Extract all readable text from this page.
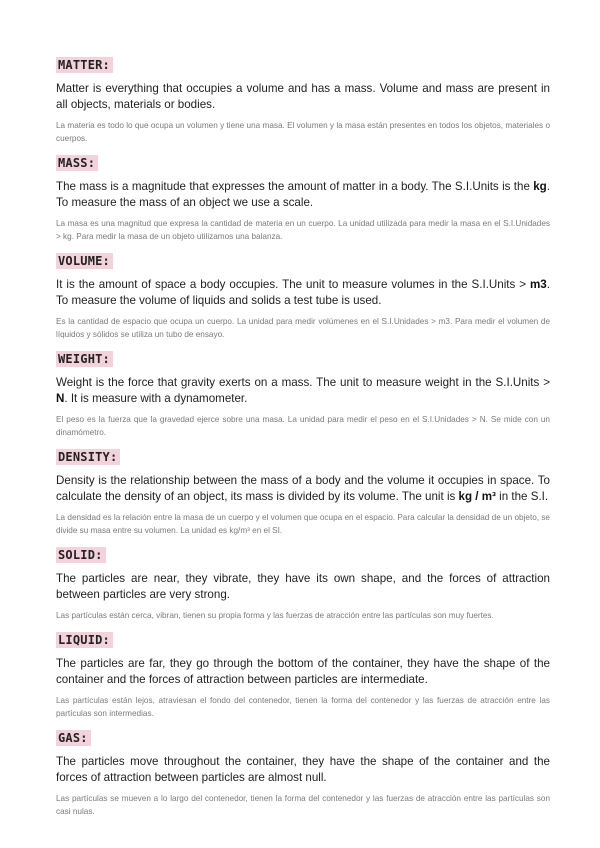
MATTER:

Matter is everything that occupies a volume and has a mass. Volume and mass are present in all objects, materials or bodies.

La materia es todo lo que ocupa un volumen y tiene una masa. El volumen y la masa están presentes en todos los objetos, materiales o cuerpos.

MASS:

The mass is a magnitude that expresses the amount of matter in a body. The S.I.Units is the kg. To measure the mass of an object we use a scale.

La masa es una magnitud que expresa la cantidad de materia en un cuerpo. La unidad utilizada para medir la masa en el S.I.Unidades > kg. Para medir la masa de un objeto utilizamos una balanza.

VOLUME:

It is the amount of space a body occupies. The unit to measure volumes in the S.I.Units > m3. To measure the volume of liquids and solids a test tube is used.

Es la cantidad de espacio que ocupa un cuerpo. La unidad para medir volúmenes en el S.I.Unidades > m3. Para medir el volumen de líquidos y sólidos se utiliza un tubo de ensayo.

WEIGHT:

Weight is the force that gravity exerts on a mass. The unit to measure weight in the S.I.Units > N. It is measure with a dynamometer.

El peso es la fuerza que la gravedad ejerce sobre una masa. La unidad para medir el peso en el S.I.Unidades > N. Se mide con un dinamómetro.

DENSITY:

Density is the relationship between the mass of a body and the volume it occupies in space. To calculate the density of an object, its mass is divided by its volume. The unit is kg / m³ in the S.I.

La densidad es la relación entre la masa de un cuerpo y el volumen que ocupa en el espacio. Para calcular la densidad de un objeto, se divide su masa entre su volumen. La unidad es kg/m³ en el SI.

SOLID:

The particles are near, they vibrate, they have its own shape, and the forces of attraction between particles are very strong.

Las partículas están cerca, vibran, tienen su propia forma y las fuerzas de atracción entre las partículas son muy fuertes.

LIQUID:

The particles are far, they go through the bottom of the container, they have the shape of the container and the forces of attraction between particles are intermediate.

Las partículas están lejos, atraviesan el fondo del contenedor, tienen la forma del contenedor y las fuerzas de atracción entre las partículas son intermedias.

GAS:

The particles move throughout the container, they have the shape of the container and the forces of attraction between particles are almost null.

Las partículas se mueven a lo largo del contenedor, tienen la forma del contenedor y las fuerzas de atracción entre las partículas son casi nulas.
